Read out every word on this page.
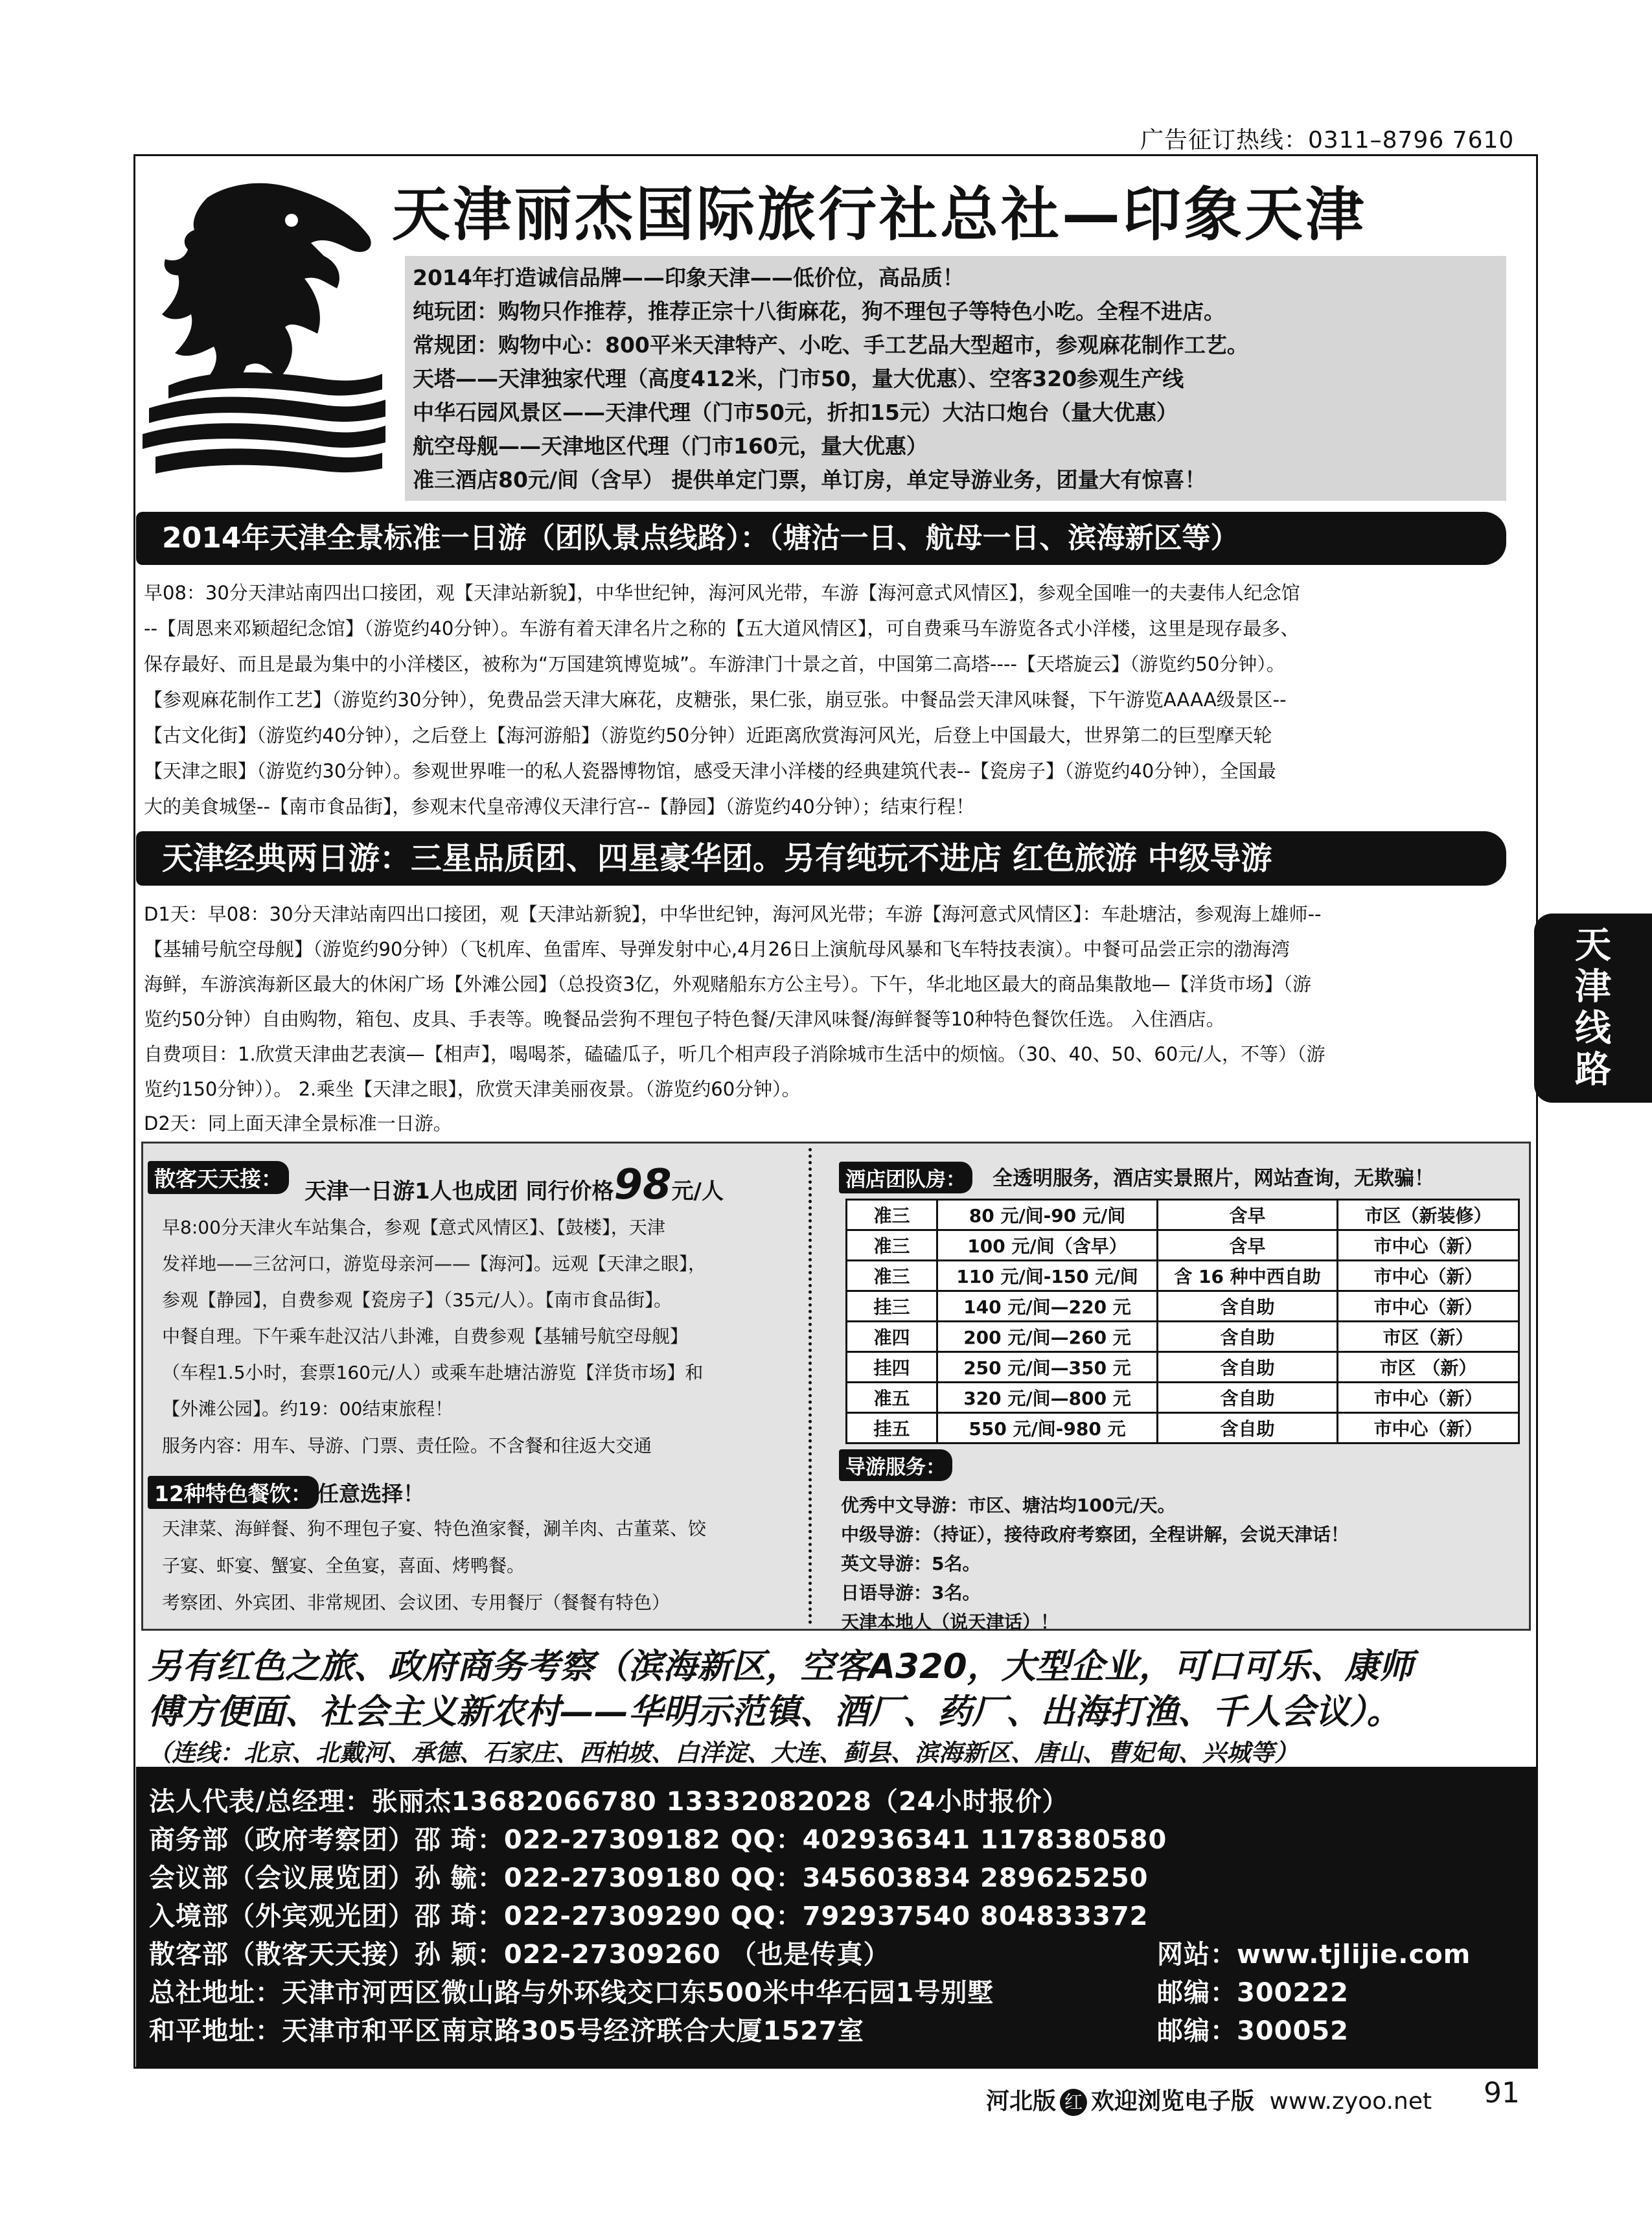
广告征订热线：0311–8796 7610
天津丽杰国际旅行社总社—印象天津
2014年打造诚信品牌——印象天津——低价位，高品质！
纯玩团：购物只作推荐，推荐正宗十八街麻花，狗不理包子等特色小吃。全程不进店。
常规团：购物中心：800平米天津特产、小吃、手工艺品大型超市，参观麻花制作工艺。
天塔——天津独家代理（高度412米，门市50，量大优惠）、空客320参观生产线
中华石园风景区——天津代理（门市50元，折扣15元）大沽口炮台（量大优惠）
航空母舰——天津地区代理（门市160元，量大优惠）
准三酒店80元/间（含早） 提供单定门票，单订房，单定导游业务，团量大有惊喜！
2014年天津全景标准一日游（团队景点线路）：（塘沽一日、航母一日、滨海新区等）
早08：30分天津站南四出口接团，观【天津站新貌】，中华世纪钟，海河风光带，车游【海河意式风情区】，参观全国唯一的夫妻伟人纪念馆
--【周恩来邓颖超纪念馆】（游览约40分钟）。车游有着天津名片之称的【五大道风情区】，可自费乘马车游览各式小洋楼，这里是现存最多、
保存最好、而且是最为集中的小洋楼区，被称为“万国建筑博览城”。车游津门十景之首，中国第二高塔----【天塔旋云】（游览约50分钟）。
【参观麻花制作工艺】（游览约30分钟），免费品尝天津大麻花，皮糖张，果仁张，崩豆张。中餐品尝天津风味餐，下午游览AAAA级景区--
【古文化街】（游览约40分钟），之后登上【海河游船】（游览约50分钟）近距离欣赏海河风光，后登上中国最大，世界第二的巨型摩天轮
【天津之眼】（游览约30分钟）。参观世界唯一的私人瓷器博物馆，感受天津小洋楼的经典建筑代表--【瓷房子】（游览约40分钟），全国最
大的美食城堡--【南市食品街】，参观末代皇帝溥仪天津行宫--【静园】（游览约40分钟）；结束行程！
天津经典两日游：三星品质团、四星豪华团。另有纯玩不进店 红色旅游 中级导游
D1天：早08：30分天津站南四出口接团，观【天津站新貌】，中华世纪钟，海河风光带；车游【海河意式风情区】：车赴塘沽，参观海上雄师--
【基辅号航空母舰】（游览约90分钟）（飞机库、鱼雷库、导弹发射中心,4月26日上演航母风暴和飞车特技表演）。中餐可品尝正宗的渤海湾
海鲜，车游滨海新区最大的休闲广场【外滩公园】（总投资3亿，外观赌船东方公主号）。下午，华北地区最大的商品集散地—【洋货市场】（游
览约50分钟）自由购物，箱包、皮具、手表等。晚餐品尝狗不理包子特色餐/天津风味餐/海鲜餐等10种特色餐饮任选。 入住酒店。
自费项目：1.欣赏天津曲艺表演—【相声】，喝喝茶，磕磕瓜子，听几个相声段子消除城市生活中的烦恼。（30、40、50、60元/人，不等）（游
览约150分钟））。 2.乘坐【天津之眼】，欣赏天津美丽夜景。（游览约60分钟）。
D2天：同上面天津全景标准一日游。
天
津
线
路
散客天天接： 天津一日游1人也成团 同行价格98元/人
早8:00分天津火车站集合，参观【意式风情区】、【鼓楼】，天津
发祥地——三岔河口，游览母亲河——【海河】。远观【天津之眼】，
参观【静园】，自费参观【瓷房子】（35元/人）。【南市食品街】。
中餐自理。下午乘车赴汉沽八卦滩，自费参观【基辅号航空母舰】
（车程1.5小时，套票160元/人）或乘车赴塘沽游览【洋货市场】和
【外滩公园】。约19：00结束旅程！
服务内容：用车、导游、门票、责任险。不含餐和往返大交通
12种特色餐饮： 任意选择！
天津菜、海鲜餐、狗不理包子宴、特色渔家餐，涮羊肉、古董菜、饺
子宴、虾宴、蟹宴、全鱼宴，喜面、烤鸭餐。
考察团、外宾团、非常规团、会议团、专用餐厅（餐餐有特色）
酒店团队房：	全透明服务，酒店实景照片，网站查询，无欺骗！
准三	80 元/间-90 元/间	含早	市区（新装修）
准三	100 元/间（含早）	含早	市中心（新）
准三	110 元/间-150 元/间	含 16 种中西自助	市中心（新）
挂三	140 元/间—220 元	含自助	市中心（新）
准四	200 元/间—260 元	含自助	市区（新）
挂四	250 元/间—350 元	含自助	市区 （新）
准五	320 元/间—800 元	含自助	市中心（新）
挂五	550 元/间-980 元	含自助	市中心（新）
导游服务：
优秀中文导游：市区、塘沽均100元/天。
中级导游：（持证），接待政府考察团，全程讲解，会说天津话！
英文导游：5名。
日语导游：3名。
天津本地人（说天津话）！
另有红色之旅、政府商务考察（滨海新区，空客A320，大型企业，可口可乐、康师
傅方便面、社会主义新农村——华明示范镇、酒厂、药厂、出海打渔、千人会议）。
（连线：北京、北戴河、承德、石家庄、西柏坡、白洋淀、大连、蓟县、滨海新区、唐山、曹妃甸、兴城等）
法人代表/总经理：张丽杰13682066780 13332082028（24小时报价）
商务部（政府考察团）邵 琦：022-27309182 QQ：402936341 1178380580
会议部（会议展览团）孙 毓：022-27309180 QQ：345603834 289625250
入境部（外宾观光团）邵 琦：022-27309290 QQ：792937540 804833372
散客部（散客天天接）孙 颖：022-27309260 （也是传真）
总社地址：天津市河西区微山路与外环线交口东500米中华石园1号别墅
和平地址：天津市和平区南京路305号经济联合大厦1527室
网站：www.tjlijie.com
邮编：300222
邮编：300052
河北版 红 欢迎浏览电子版 www.zyoo.net 91
